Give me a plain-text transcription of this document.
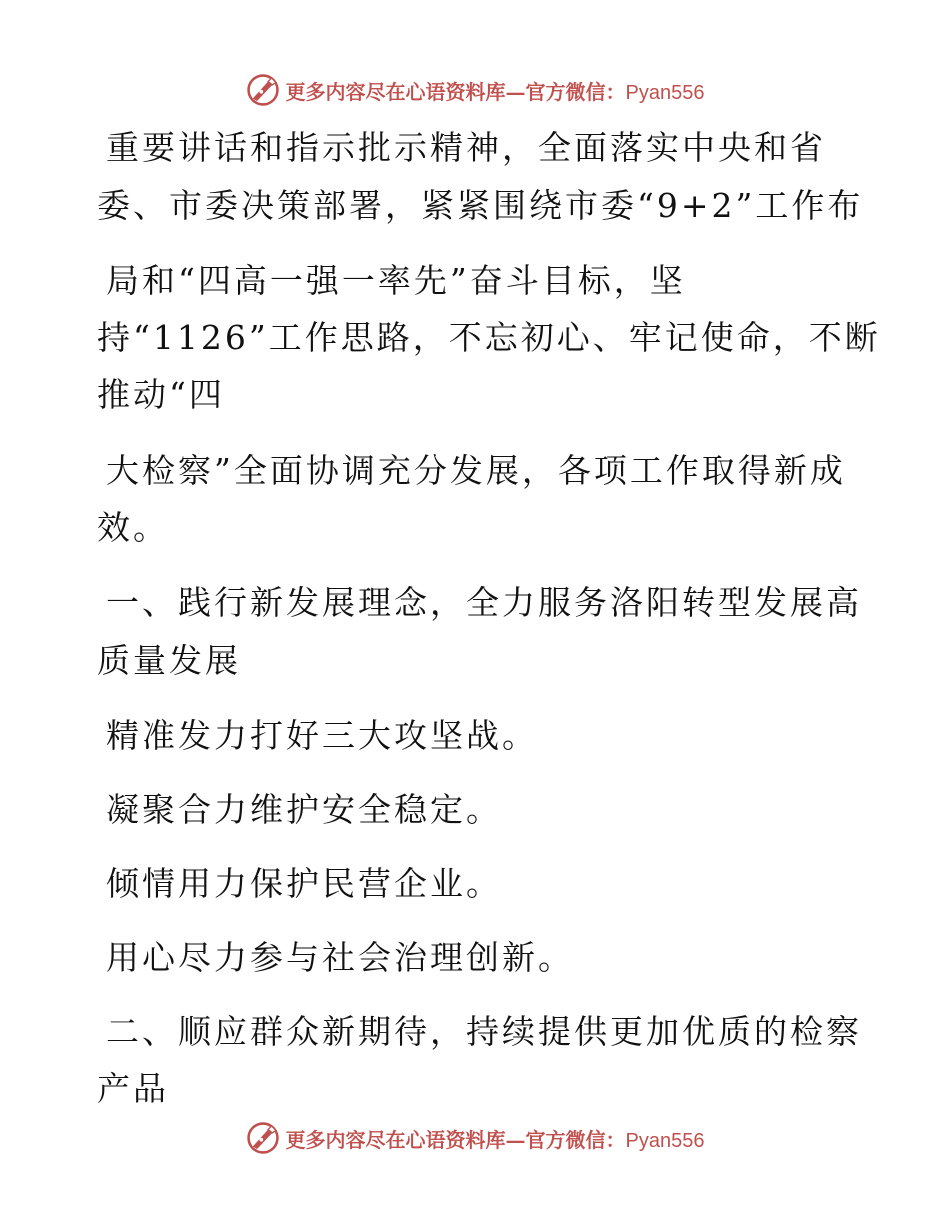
更多内容尽在心语资料库—官方微信：Pyan556
重要讲话和指示批示精神，全面落实中央和省
委、市委决策部署，紧紧围绕市委“9+2”工作布
局和“四高一强一率先”奋斗目标，坚
持“1126”工作思路，不忘初心、牢记使命，不断
推动“四
大检察”全面协调充分发展，各项工作取得新成
效。
一、践行新发展理念，全力服务洛阳转型发展高
质量发展
精准发力打好三大攻坚战。
凝聚合力维护安全稳定。
倾情用力保护民营企业。
用心尽力参与社会治理创新。
二、顺应群众新期待，持续提供更加优质的检察
产品
更多内容尽在心语资料库—官方微信：Pyan556
